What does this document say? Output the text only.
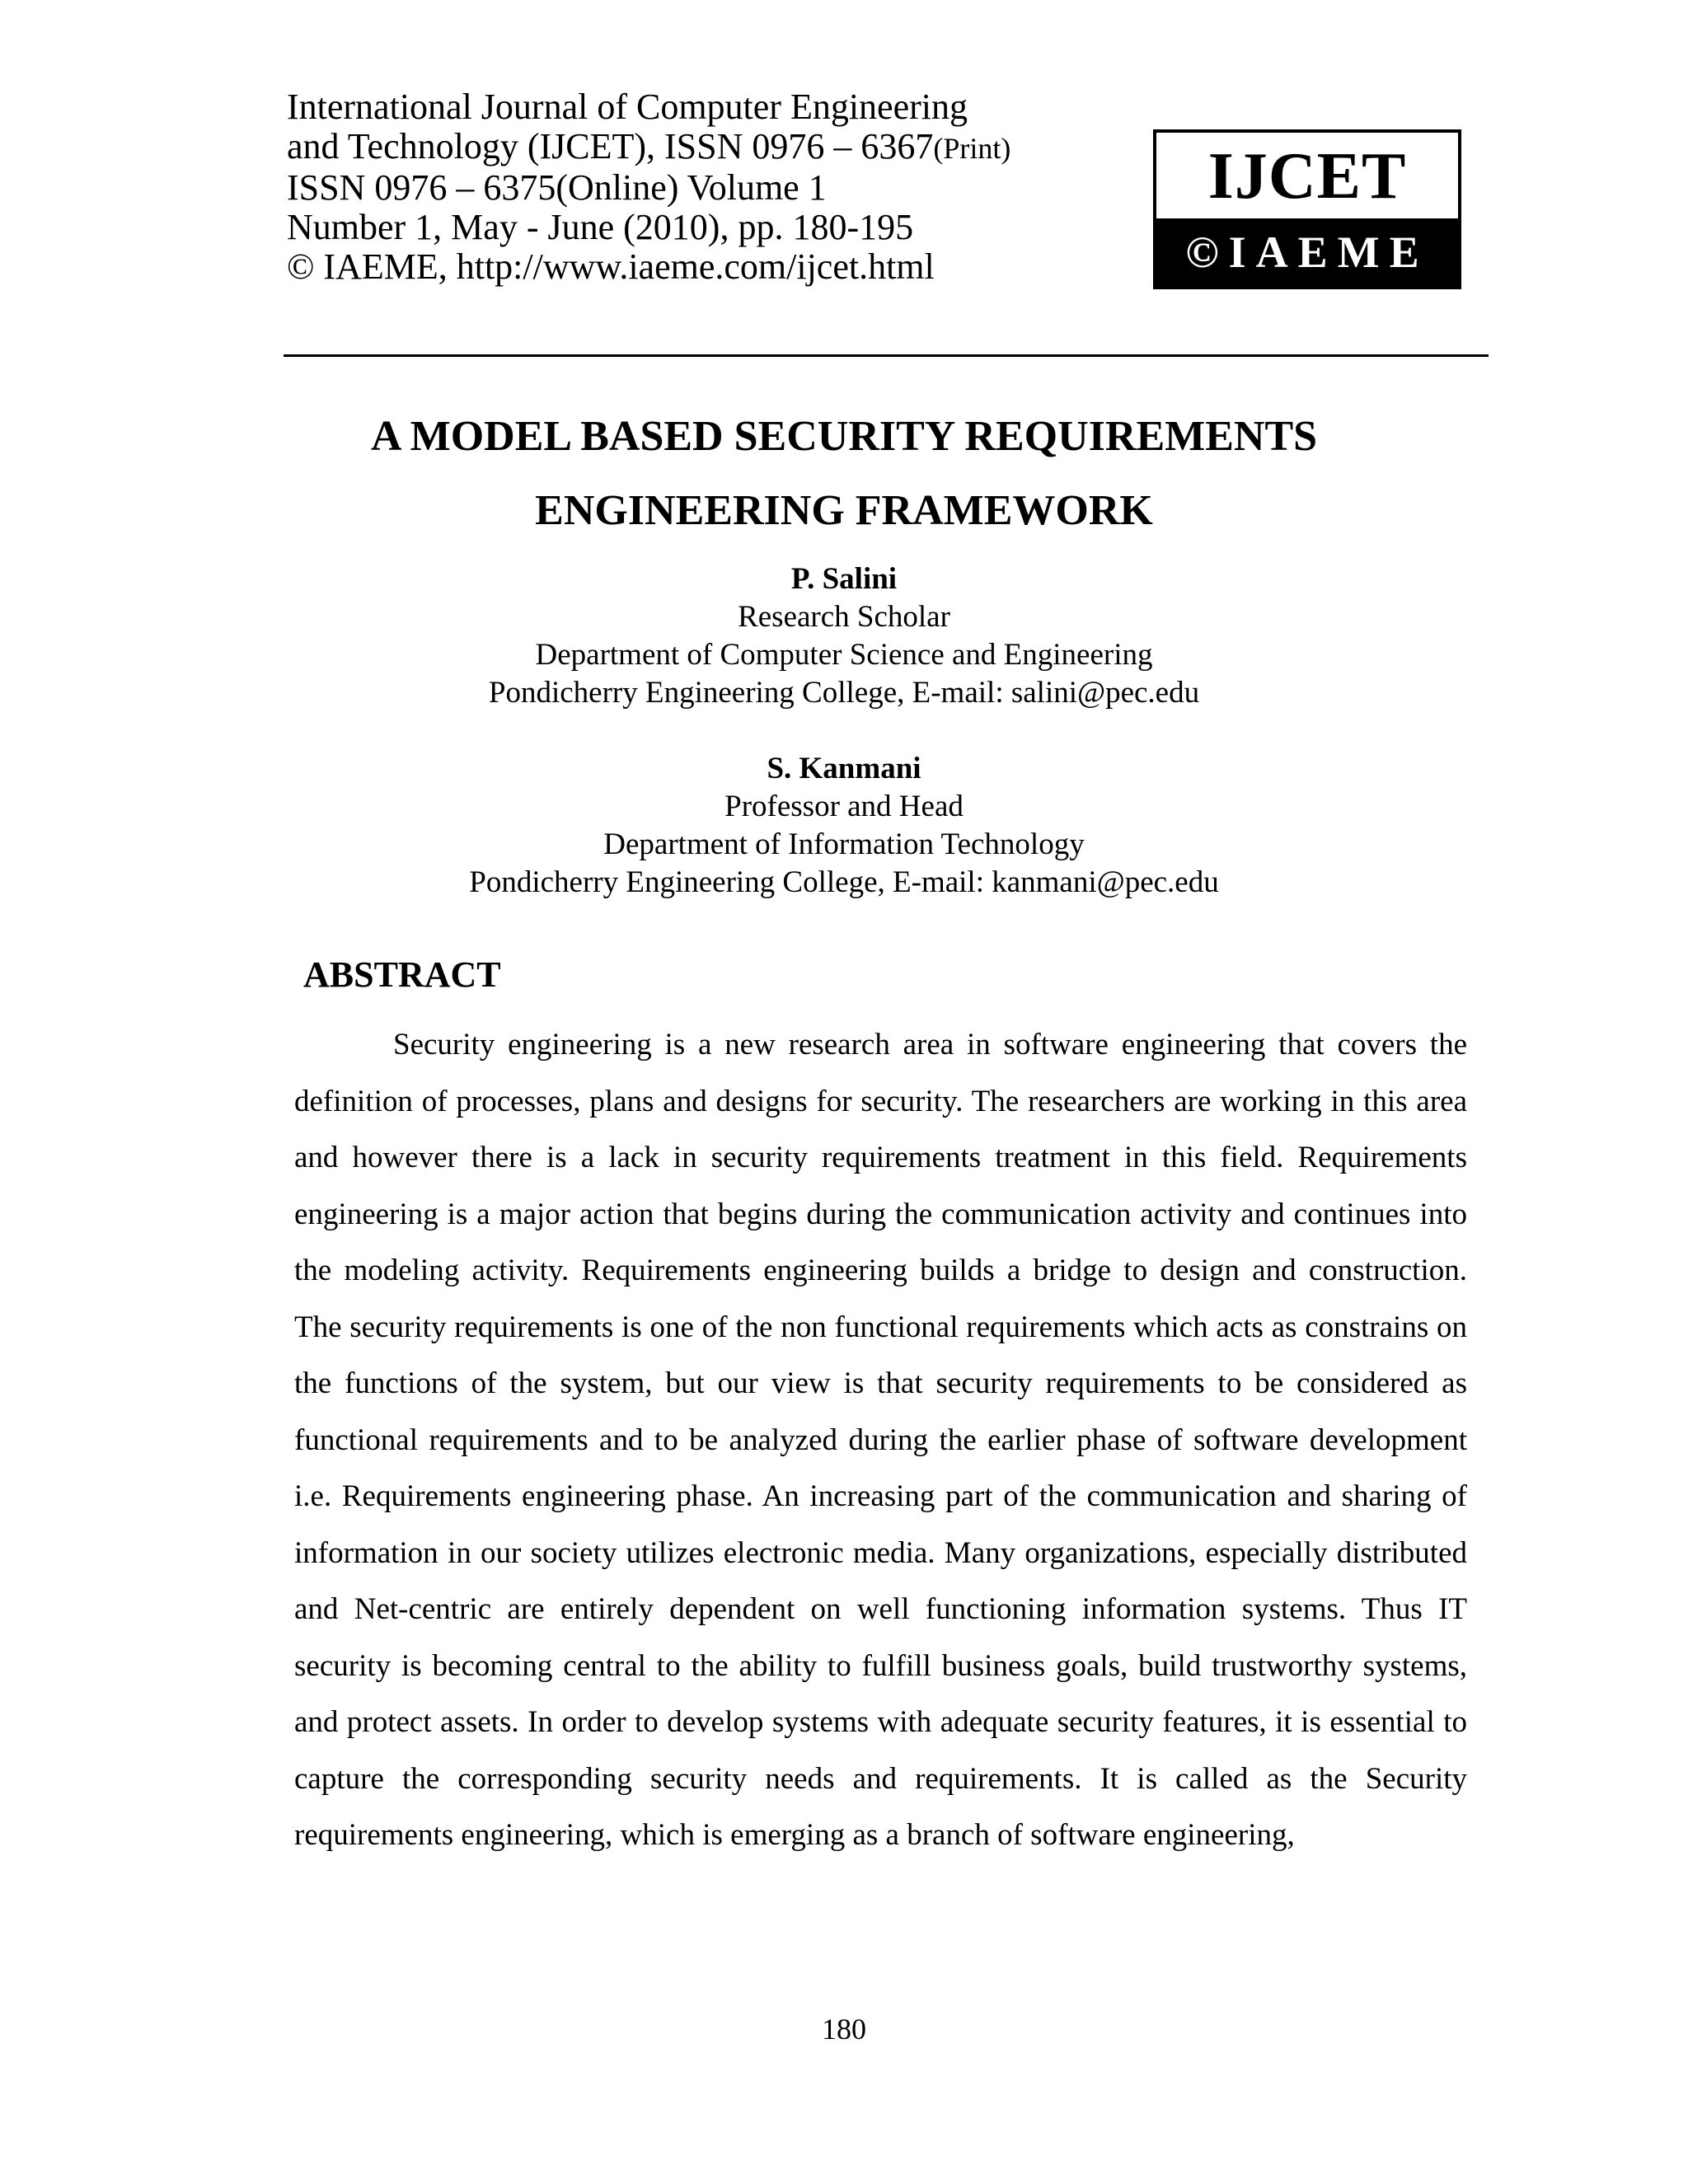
International Journal of Computer Engineering
and Technology (IJCET), ISSN 0976 – 6367(Print)
ISSN 0976 – 6375(Online) Volume 1
Number 1, May - June (2010), pp. 180-195
© IAEME, http://www.iaeme.com/ijcet.html
IJCET
©IAEME
A MODEL BASED SECURITY REQUIREMENTS
ENGINEERING FRAMEWORK
P. Salini
Research Scholar
Department of Computer Science and Engineering
Pondicherry Engineering College, E-mail: salini@pec.edu
S. Kanmani
Professor and Head
Department of Information Technology
Pondicherry Engineering College, E-mail: kanmani@pec.edu
ABSTRACT
Security engineering is a new research area in software engineering that covers the definition of processes, plans and designs for security. The researchers are working in this area and however there is a lack in security requirements treatment in this field. Requirements engineering is a major action that begins during the communication activity and continues into the modeling activity. Requirements engineering builds a bridge to design and construction. The security requirements is one of the non functional requirements which acts as constrains on the functions of the system, but our view is that security requirements to be considered as functional requirements and to be analyzed during the earlier phase of software development i.e. Requirements engineering phase. An increasing part of the communication and sharing of information in our society utilizes electronic media. Many organizations, especially distributed and Net-centric are entirely dependent on well functioning information systems. Thus IT security is becoming central to the ability to fulfill business goals, build trustworthy systems, and protect assets. In order to develop systems with adequate security features, it is essential to capture the corresponding security needs and requirements. It is called as the Security requirements engineering, which is emerging as a branch of software engineering,
180
